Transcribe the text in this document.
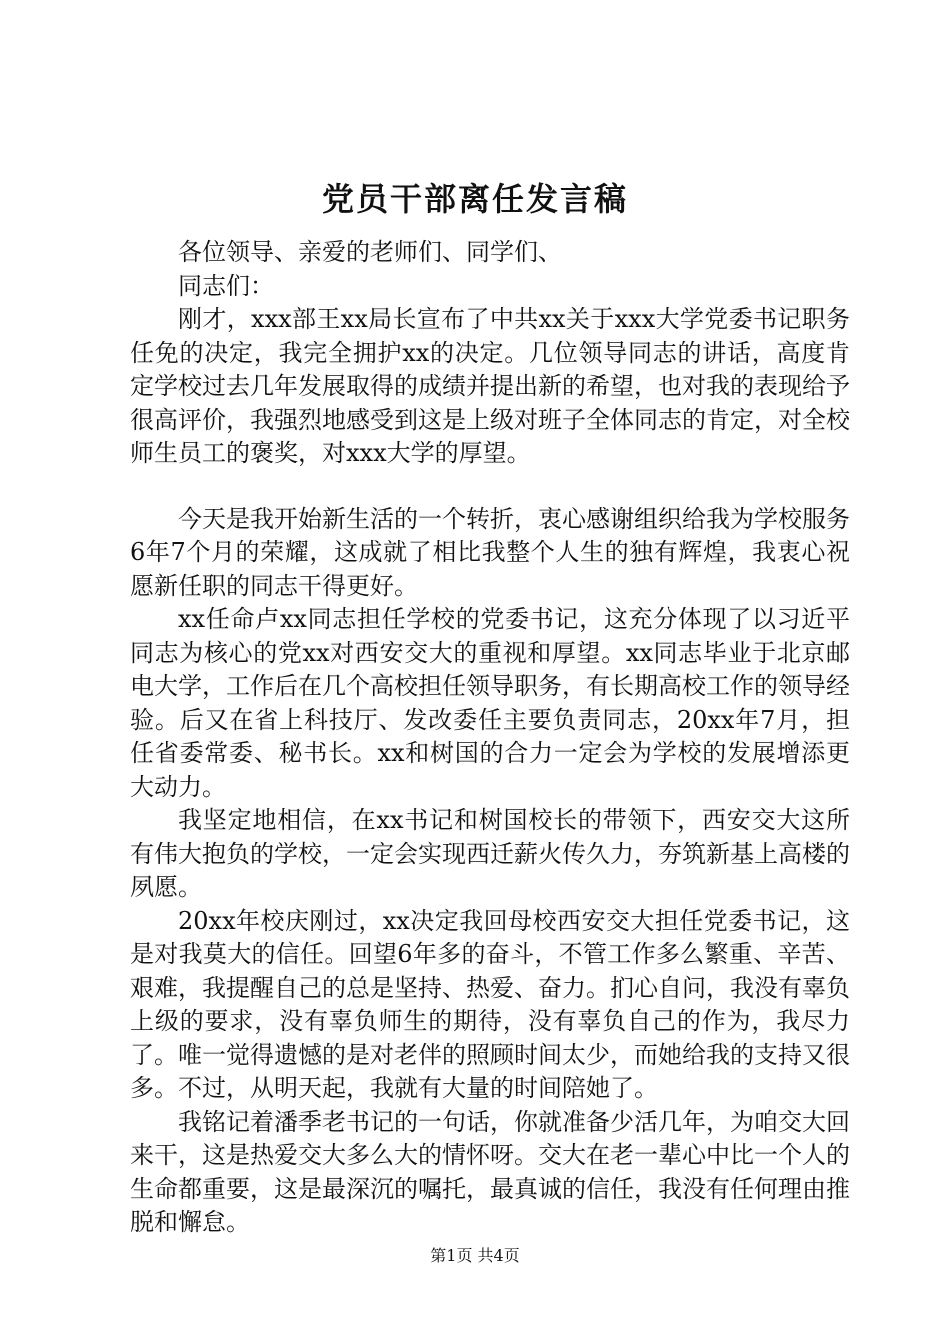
党员干部离任发言稿

各位领导、亲爱的老师们、同学们、

同志们：

刚才，xxx部王xx局长宣布了中共xx关于xxx大学党委书记职务任免的决定，我完全拥护xx的决定。几位领导同志的讲话，高度肯定学校过去几年发展取得的成绩并提出新的希望，也对我的表现给予很高评价，我强烈地感受到这是上级对班子全体同志的肯定，对全校师生员工的褒奖，对xxx大学的厚望。

今天是我开始新生活的一个转折，衷心感谢组织给我为学校服务6年7个月的荣耀，这成就了相比我整个人生的独有辉煌，我衷心祝愿新任职的同志干得更好。

xx任命卢xx同志担任学校的党委书记，这充分体现了以习近平同志为核心的党xx对西安交大的重视和厚望。xx同志毕业于北京邮电大学，工作后在几个高校担任领导职务，有长期高校工作的领导经验。后又在省上科技厅、发改委任主要负责同志，20xx年7月，担任省委常委、秘书长。xx和树国的合力一定会为学校的发展增添更大动力。

我坚定地相信，在xx书记和树国校长的带领下，西安交大这所有伟大抱负的学校，一定会实现西迁薪火传久力，夯筑新基上高楼的夙愿。

20xx年校庆刚过，xx决定我回母校西安交大担任党委书记，这是对我莫大的信任。回望6年多的奋斗，不管工作多么繁重、辛苦、艰难，我提醒自己的总是坚持、热爱、奋力。扪心自问，我没有辜负上级的要求，没有辜负师生的期待，没有辜负自己的作为，我尽力了。唯一觉得遗憾的是对老伴的照顾时间太少，而她给我的支持又很多。不过，从明天起，我就有大量的时间陪她了。

我铭记着潘季老书记的一句话，你就准备少活几年，为咱交大回来干，这是热爱交大多么大的情怀呀。交大在老一辈心中比一个人的生命都重要，这是最深沉的嘱托，最真诚的信任，我没有任何理由推脱和懈怠。

第1页 共4页
